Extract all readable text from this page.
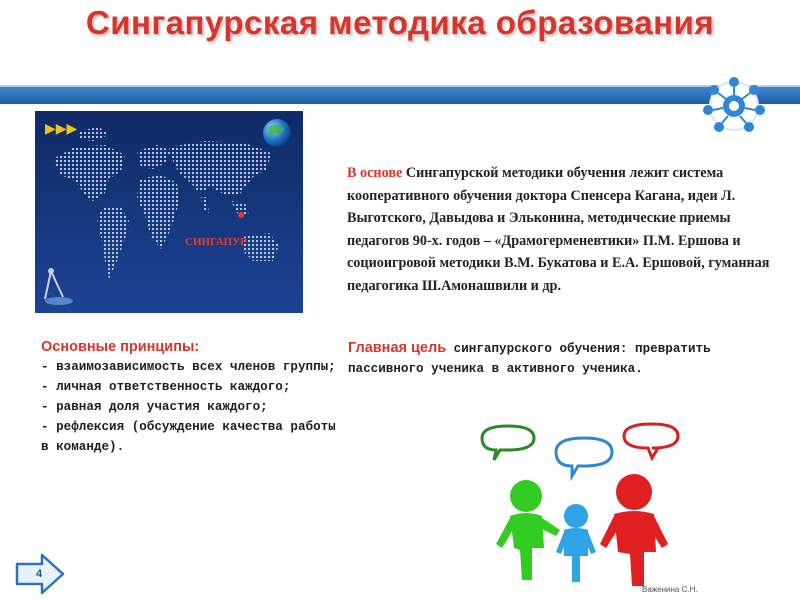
Сингапурская методика образования
▶▶▶
СИНГАПУР
В основе Сингапурской методики обучения лежит система кооперативного обучения доктора Спенсера Кагана, идеи Л. Выготского, Давыдова и Эльконина, методические приемы педагогов 90-х. годов – «Драмогерменевтики» П.М. Ершова и социоигровой методики В.М. Букатова и Е.А. Ершовой, гуманная педагогика Ш.Амонашвили и др.
Основные принципы:
- взаимозависимость всех членов группы;
- личная ответственность каждого;
- равная доля участия каждого;
- рефлексия (обсуждение качества работы в команде).
Главная цель сингапурского обучения: превратить пассивного ученика в активного ученика.
4
Важенина С.Н.
